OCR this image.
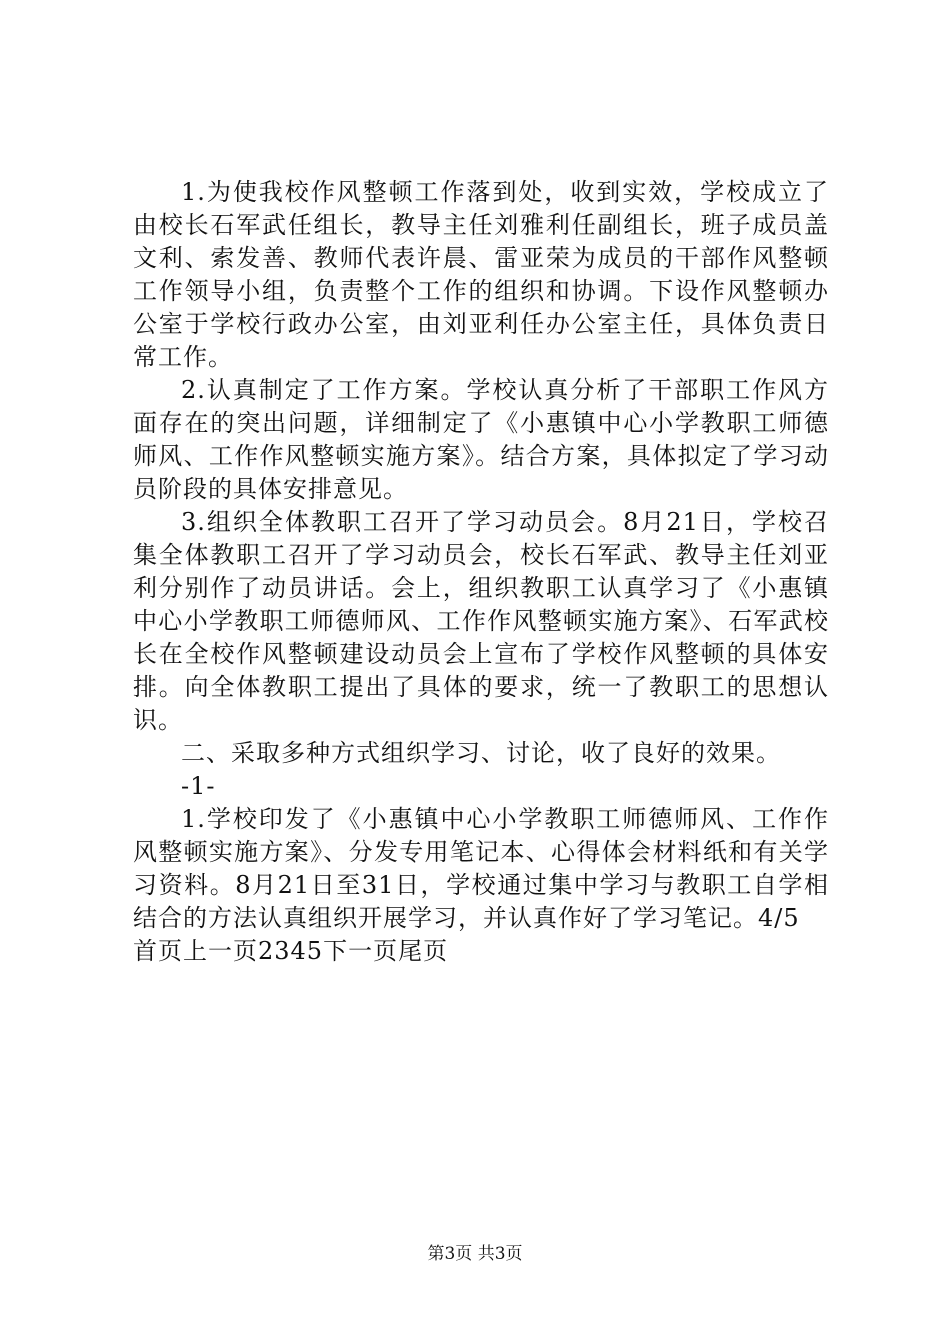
1.为使我校作风整顿工作落到处，收到实效，学校成立了由校长石军武任组长，教导主任刘雅利任副组长，班子成员盖文利、索发善、教师代表许晨、雷亚荣为成员的干部作风整顿工作领导小组，负责整个工作的组织和协调。下设作风整顿办公室于学校行政办公室，由刘亚利任办公室主任，具体负责日常工作。

2.认真制定了工作方案。学校认真分析了干部职工作风方面存在的突出问题，详细制定了《小惠镇中心小学教职工师德师风、工作作风整顿实施方案》。结合方案，具体拟定了学习动员阶段的具体安排意见。

3.组织全体教职工召开了学习动员会。8月21日，学校召集全体教职工召开了学习动员会，校长石军武、教导主任刘亚利分别作了动员讲话。会上，组织教职工认真学习了《小惠镇中心小学教职工师德师风、工作作风整顿实施方案》、石军武校长在全校作风整顿建设动员会上宣布了学校作风整顿的具体安排。向全体教职工提出了具体的要求，统一了教职工的思想认识。

二、采取多种方式组织学习、讨论，收了良好的效果。

-1-

1.学校印发了《小惠镇中心小学教职工师德师风、工作作风整顿实施方案》、分发专用笔记本、心得体会材料纸和有关学习资料。8月21日至31日，学校通过集中学习与教职工自学相结合的方法认真组织开展学习，并认真作好了学习笔记。4/5

首页上一页2345下一页尾页

第3页 共3页
